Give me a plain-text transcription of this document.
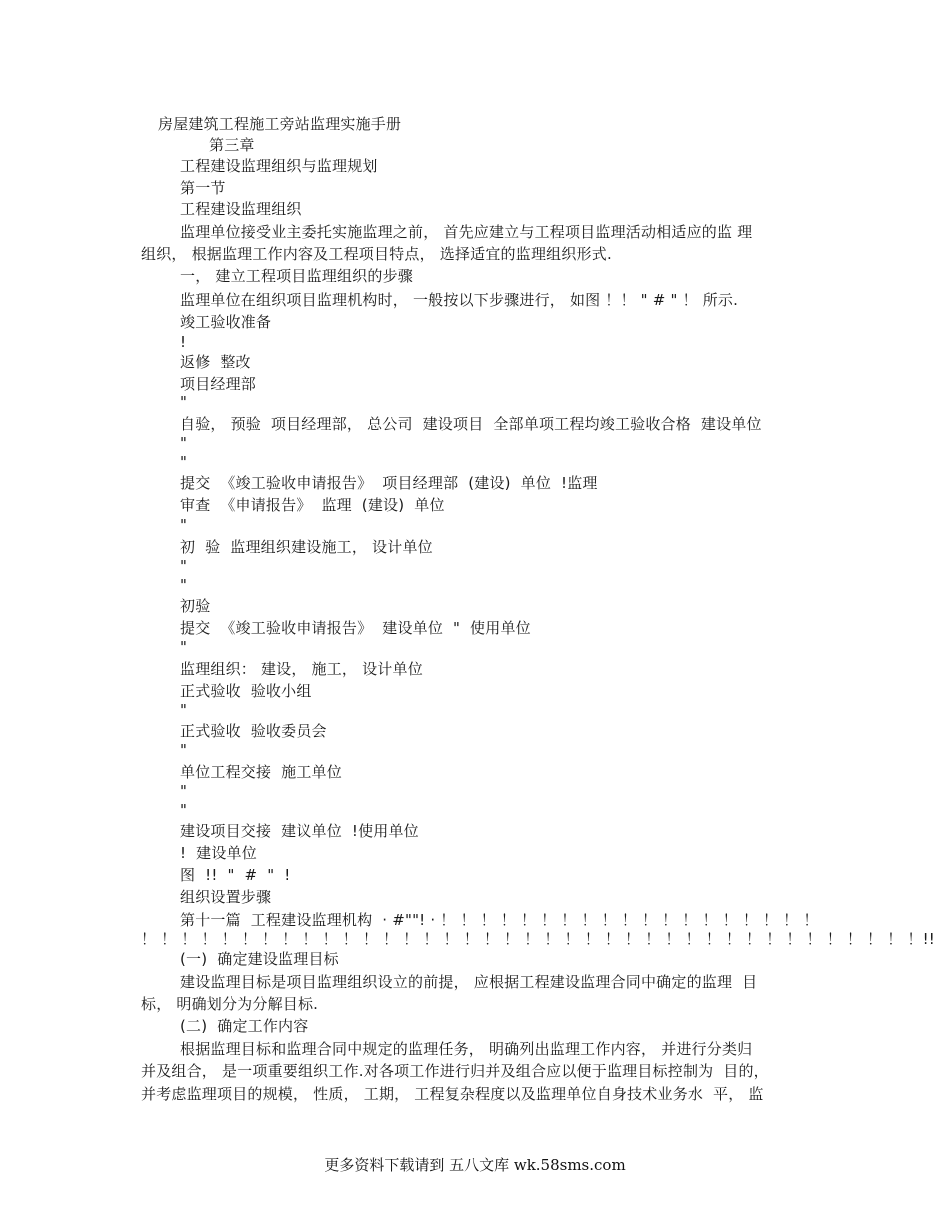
房屋建筑工程施工旁站监理实施手册
第三章
工程建设监理组织与监理规划
第一节
工程建设监理组织
监理单位接受业主委托实施监理之前， 首先应建立与工程项目监理活动相适应的监 理
组织， 根据监理工作内容及工程项目特点， 选择适宜的监理组织形式.
一， 建立工程项目监理组织的步骤
监理单位在组织项目监理机构时， 一般按以下步骤进行， 如图 ！！ " # " ！ 所示.
竣工验收准备
!
返修  整改
项目经理部
"
自验， 预验  项目经理部， 总公司  建设项目  全部单项工程均竣工验收合格  建设单位
"
"
提交  《竣工验收申请报告》  项目经理部  (建设)  单位  !监理
审查  《申请报告》  监理  (建设)  单位
"
初  验  监理组织建设施工， 设计单位
"
"
初验
提交  《竣工验收申请报告》  建设单位  "  使用单位
"
监理组织： 建设， 施工， 设计单位
正式验收  验收小组
"
正式验收  验收委员会
"
单位工程交接  施工单位
"
"
建设项目交接  建议单位  !使用单位
!  建设单位
图  !!  "  #  "  !
组织设置步骤
第十一篇  工程建设监理机构  · #""! · ！ ！ ！ ！ ！ ！ ！ ！ ！ ！ ！ ！ ！ ！ ！ ！ ！ ！ ！
！ ！ ！ ！ ！ ！ ！ ！ ！ ！ ！ ！ ！ ！ ！ ！ ！ ！ ！ ！ ！ ！ ！ ！ ！ ！ ！ ！ ！ ！ ！ ！ ！ ！ ！ ！ ！ ！ ！!!
(一)  确定建设监理目标
建设监理目标是项目监理组织设立的前提， 应根据工程建设监理合同中确定的监理  目
标， 明确划分为分解目标.
(二)  确定工作内容
根据监理目标和监理合同中规定的监理任务， 明确列出监理工作内容， 并进行分类归
并及组合， 是一项重要组织工作.对各项工作进行归并及组合应以便于监理目标控制为  目的，
并考虑监理项目的规模， 性质， 工期， 工程复杂程度以及监理单位自身技术业务水  平， 监
更多资料下载请到 五八文库 wk.58sms.com
